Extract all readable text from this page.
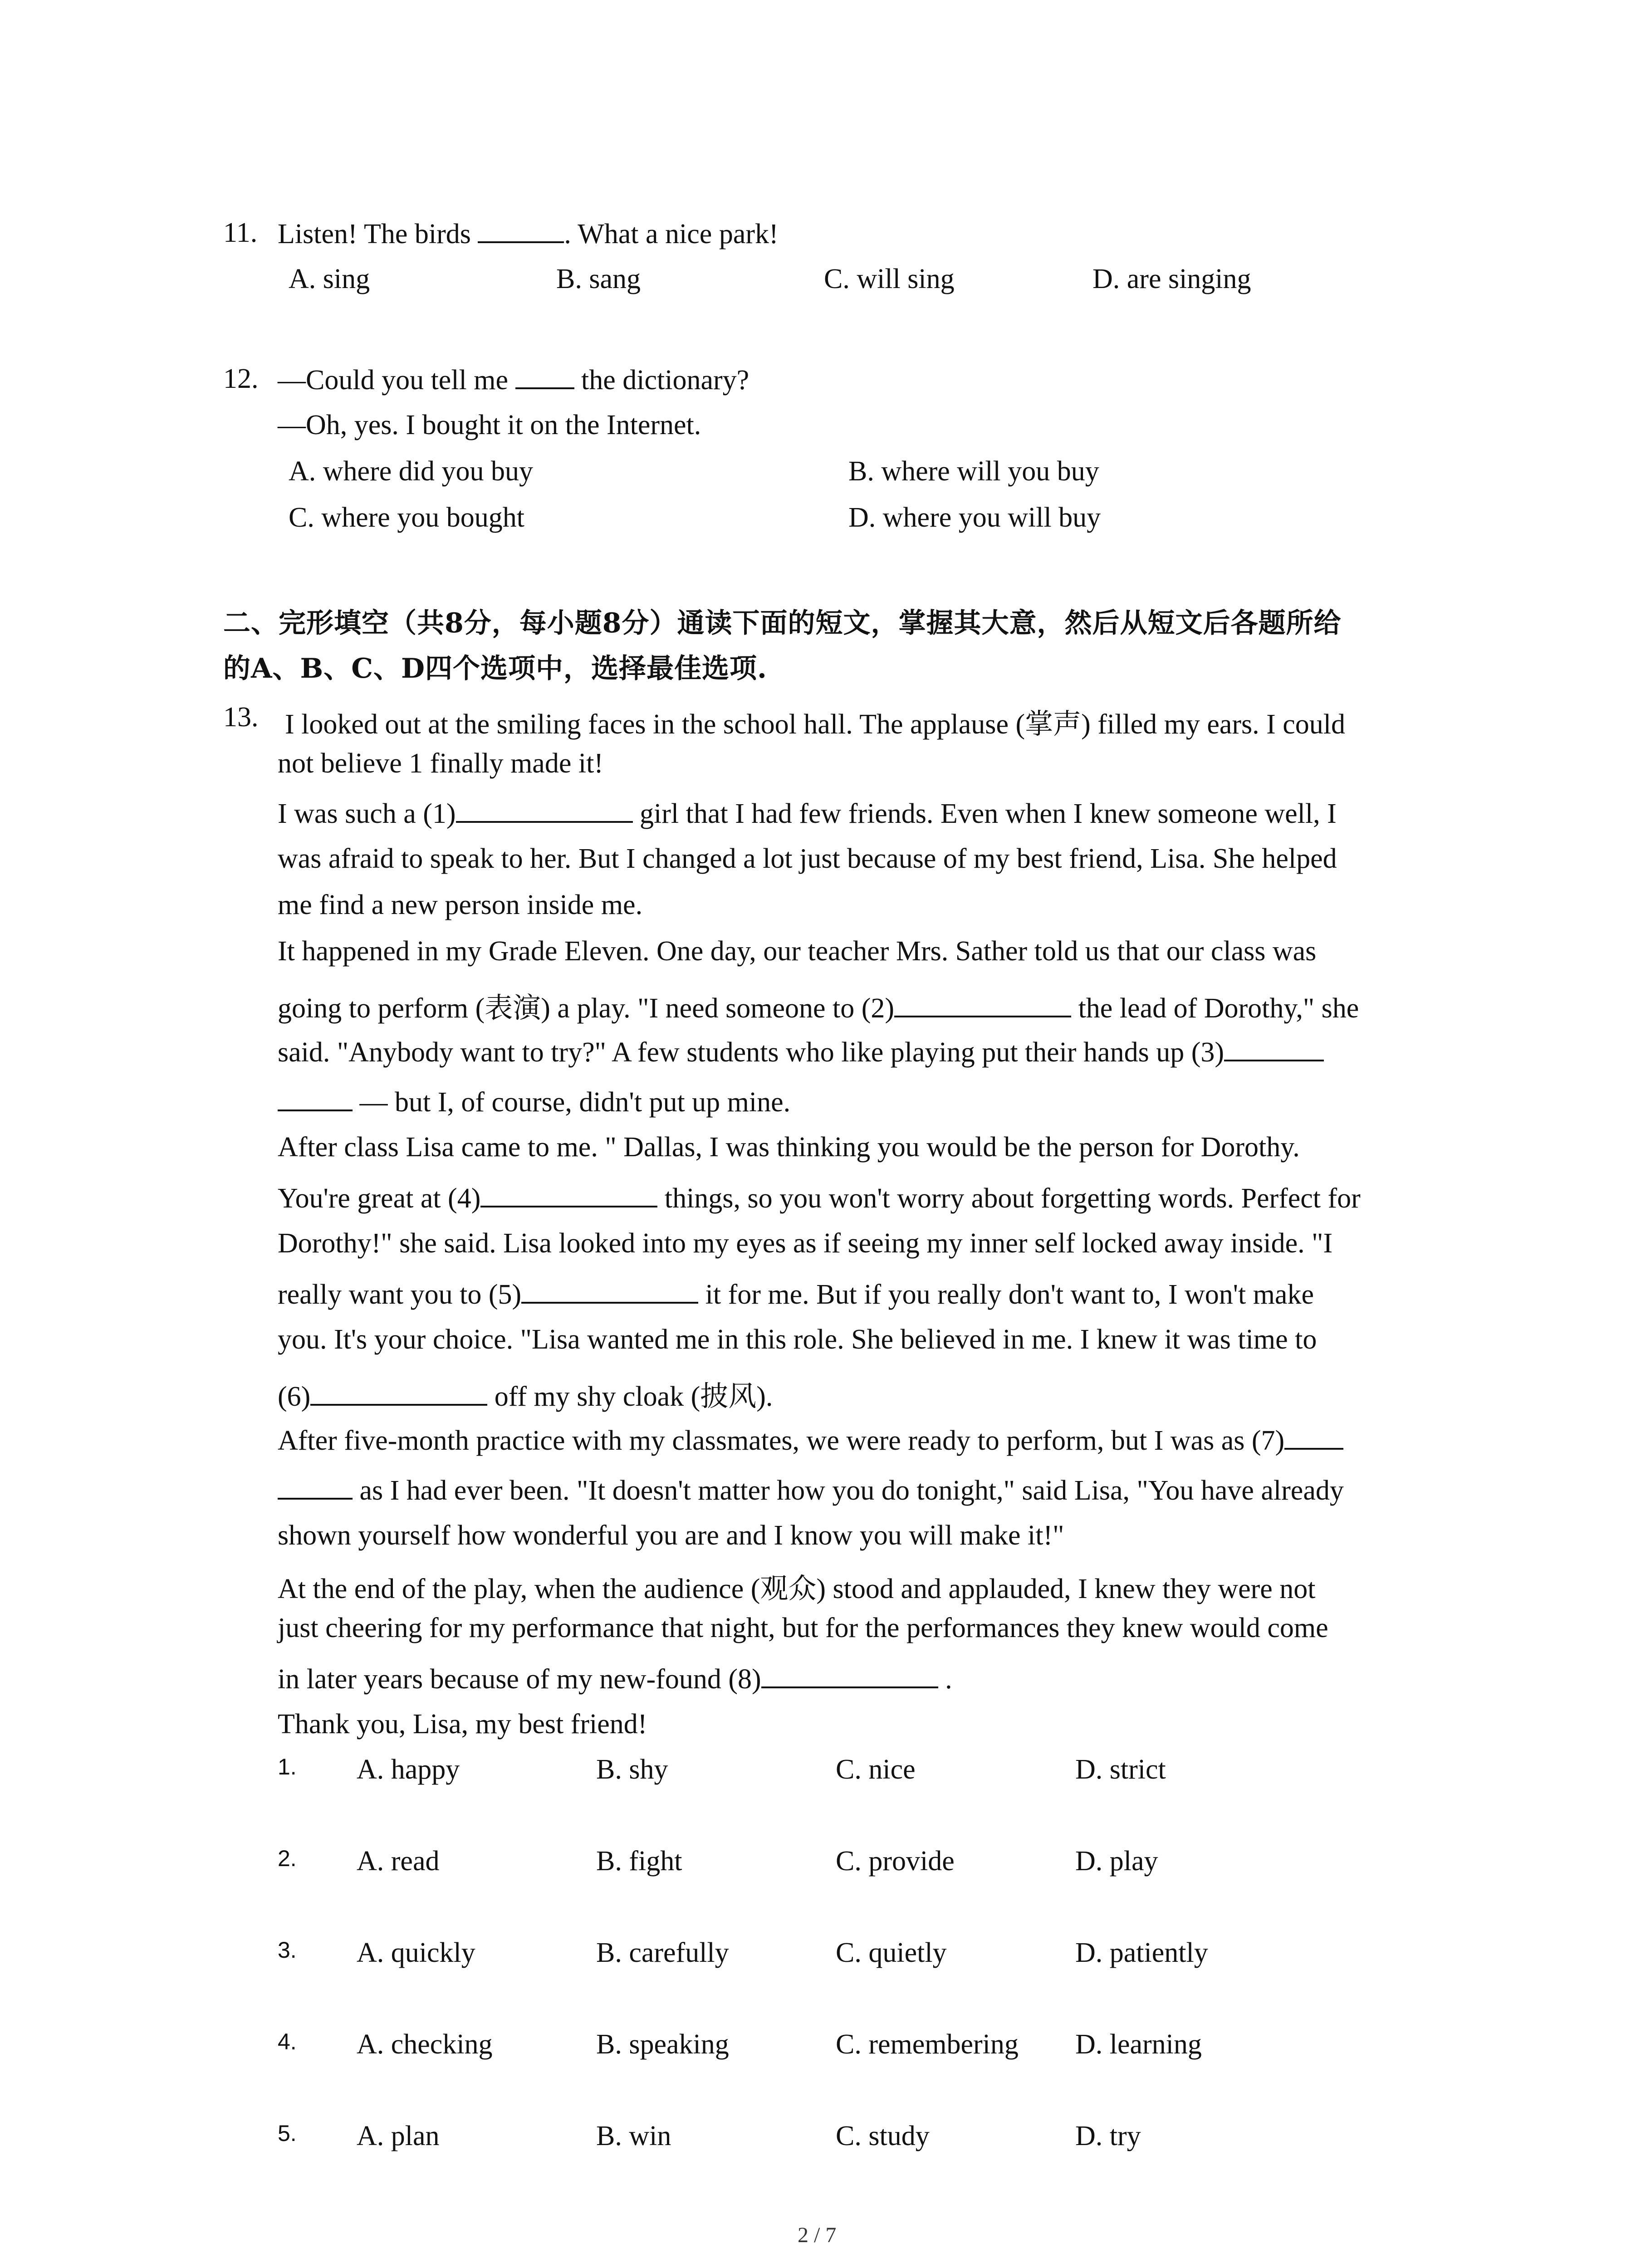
11. Listen! The birds	. What a nice park!
A. sing	B. sang	C. will sing	D. are singing
12. —Could you tell me	the dictionary?
—Oh, yes. I bought it on the Internet.
A. where did you buy	B. where will you buy
C. where you bought	D. where you will buy
二、完形填空（共8分，每小题8分）通读下面的短文，掌握其大意，然后从短文后各题所给
的A、B、C、D四个选项中，选择最佳选项.
13. I looked out at the smiling faces in the school hall. The applause (掌声) filled my ears. I could
not believe 1 finally made it!
I was such a (1)	girl that I had few friends. Even when I knew someone well, I
was afraid to speak to her. But I changed a lot just because of my best friend, Lisa. She helped
me find a new person inside me.
It happened in my Grade Eleven. One day, our teacher Mrs. Sather told us that our class was
going to perform (表演) a play. "I need someone to (2)	the lead of Dorothy," she
said. "Anybody want to try?" A few students who like playing put their hands up (3)
— but I, of course, didn't put up mine.
After class Lisa came to me. " Dallas, I was thinking you would be the person for Dorothy.
You're great at (4)	things, so you won't worry about forgetting words. Perfect for
Dorothy!" she said. Lisa looked into my eyes as if seeing my inner self locked away inside. "I
really want you to (5)	it for me. But if you really don't want to, I won't make
you. It's your choice. "Lisa wanted me in this role. She believed in me. I knew it was time to
(6)	off my shy cloak (披风).
After five-month practice with my classmates, we were ready to perform, but I was as (7)
as I had ever been. "It doesn't matter how you do tonight," said Lisa, "You have already
shown yourself how wonderful you are and I know you will make it!"
At the end of the play, when the audience (观众) stood and applauded, I knew they were not
just cheering for my performance that night, but for the performances they knew would come
in later years because of my new-found (8)	.
Thank you, Lisa, my best friend!
1. A. happy	B. shy	C. nice	D. strict
2. A. read	B. fight	C. provide	D. play
3. A. quickly	B. carefully	C. quietly	D. patiently
4. A. checking	B. speaking	C. remembering D. learning
5. A. plan	B. win	C. study	D. try
2 / 7
